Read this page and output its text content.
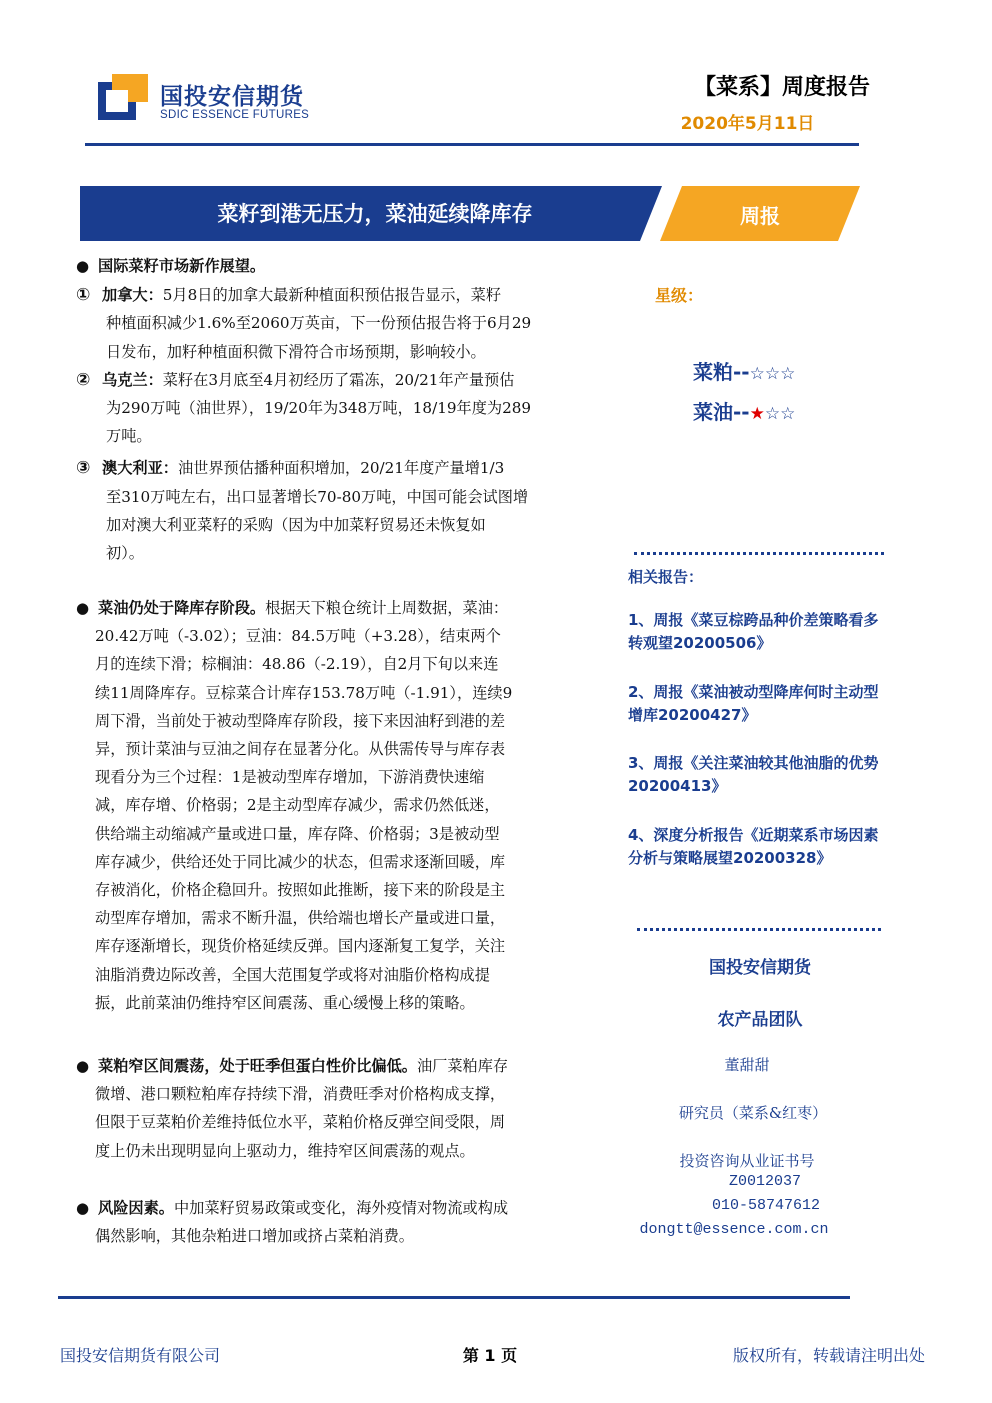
国投安信期货
SDIC ESSENCE FUTURES
【菜系】周度报告
2020年5月11日
菜籽到港无压力，菜油延续降库存	周报
● 国际菜籽市场新作展望。
① 加拿大：5月8日的加拿大最新种植面积预估报告显示，菜籽
种植面积减少1.6%至2060万英亩，下一份预估报告将于6月29
日发布，加籽种植面积微下滑符合市场预期，影响较小。
② 乌克兰：菜籽在3月底至4月初经历了霜冻，20/21年产量预估
为290万吨（油世界），19/20年为348万吨，18/19年度为289
万吨。
③ 澳大利亚：油世界预估播种面积增加，20/21年度产量增1/3
至310万吨左右，出口显著增长70-80万吨，中国可能会试图增
加对澳大利亚菜籽的采购（因为中加菜籽贸易还未恢复如
初）。
● 菜油仍处于降库存阶段。根据天下粮仓统计上周数据，菜油：
20.42万吨（-3.02）；豆油：84.5万吨（+3.28），结束两个
月的连续下滑；棕榈油：48.86（-2.19），自2月下旬以来连
续11周降库存。豆棕菜合计库存153.78万吨（-1.91），连续9
周下滑，当前处于被动型降库存阶段，接下来因油籽到港的差
异，预计菜油与豆油之间存在显著分化。从供需传导与库存表
现看分为三个过程：1是被动型库存增加，下游消费快速缩
减，库存增、价格弱；2是主动型库存减少，需求仍然低迷，
供给端主动缩减产量或进口量，库存降、价格弱；3是被动型
库存减少，供给还处于同比减少的状态，但需求逐渐回暖，库
存被消化，价格企稳回升。按照如此推断，接下来的阶段是主
动型库存增加，需求不断升温，供给端也增长产量或进口量，
库存逐渐增长，现货价格延续反弹。国内逐渐复工复学，关注
油脂消费边际改善，全国大范围复学或将对油脂价格构成提
振，此前菜油仍维持窄区间震荡、重心缓慢上移的策略。
● 菜粕窄区间震荡，处于旺季但蛋白性价比偏低。油厂菜粕库存
微增、港口颗粒粕库存持续下滑，消费旺季对价格构成支撑，
但限于豆菜粕价差维持低位水平，菜粕价格反弹空间受限，周
度上仍未出现明显向上驱动力，维持窄区间震荡的观点。
● 风险因素。中加菜籽贸易政策或变化，海外疫情对物流或构成
偶然影响，其他杂粕进口增加或挤占菜粕消费。
星级：
菜粕--☆☆☆
菜油--★☆☆
相关报告：
1、周报《菜豆棕跨品种价差策略看多转观望20200506》
2、周报《菜油被动型降库何时主动型增库20200427》
3、周报《关注菜油较其他油脂的优势20200413》
4、深度分析报告《近期菜系市场因素分析与策略展望20200328》
国投安信期货
农产品团队
董甜甜
研究员（菜系&红枣）
投资咨询从业证书号
Z0012037
010-58747612
dongtt@essence.com.cn
国投安信期货有限公司	第 1 页	版权所有，转载请注明出处
